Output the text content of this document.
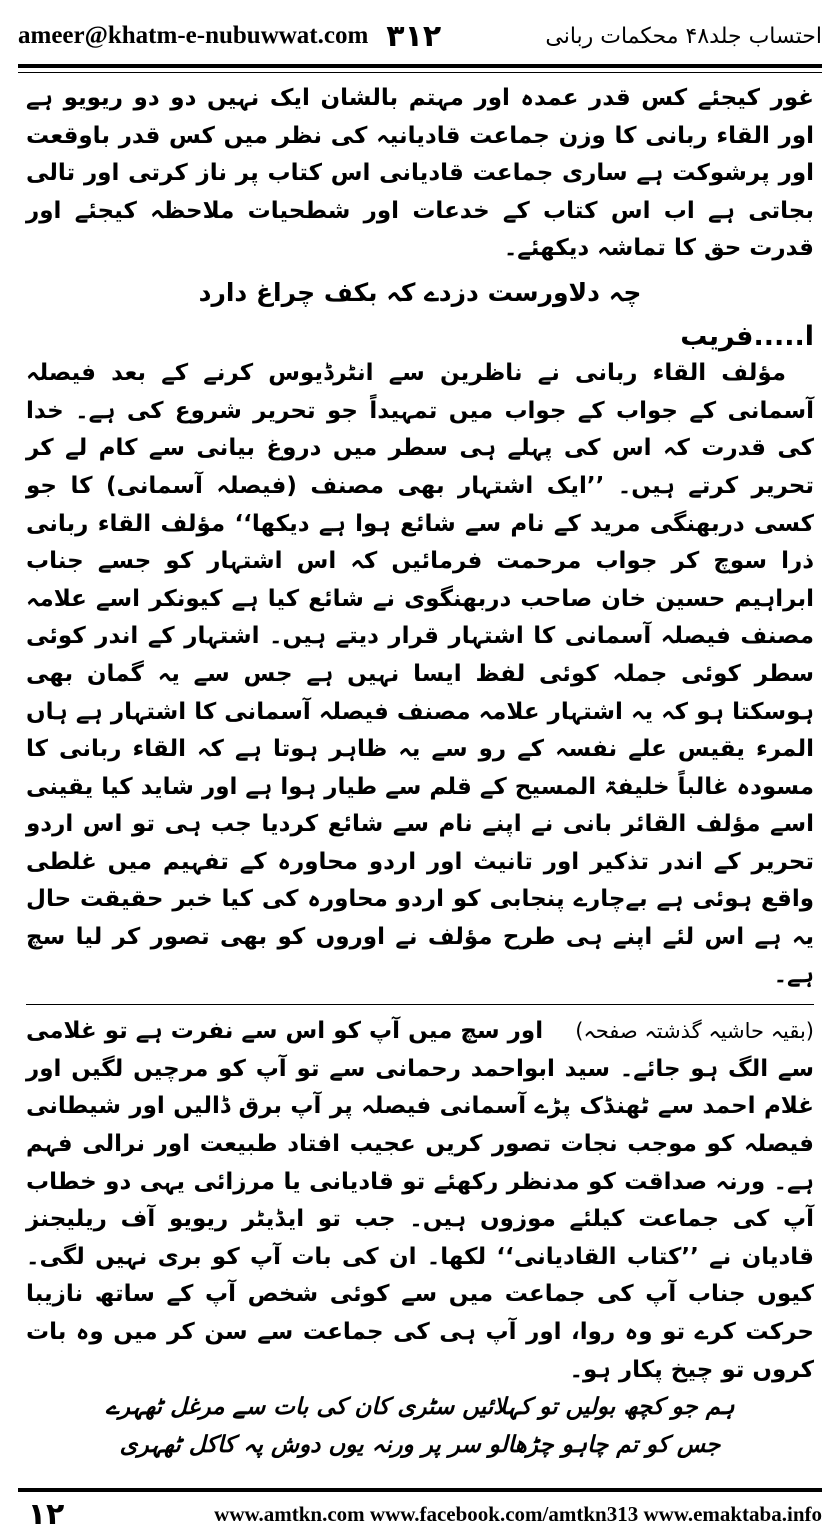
ameer@khatm-e-nubuwwat.com ۳۱۲	احتساب جلد۴۸ محکمات ربانی

غور کیجئے کس قدر عمدہ اور مہتم بالشان ایک نہیں دو دو ریویو ہے اور القاء ربانی کا وزن جماعت قادیانیہ کی نظر میں کس قدر باوقعت اور پرشوکت ہے ساری جماعت قادیانی اس کتاب پر ناز کرتی اور تالی بجاتی ہے اب اس کتاب کے خدعات اور شطحیات ملاحظہ کیجئے اور قدرت حق کا تماشہ دیکھئے۔

چہ دلاورست دزدے کہ بکف چراغ دارد

ا.....فریب

مؤلف القاء ربانی نے ناظرین سے انٹرڈیوس کرنے کے بعد فیصلہ آسمانی کے جواب کے جواب میں تمہیداً جو تحریر شروع کی ہے۔ خدا کی قدرت کہ اس کی پہلے ہی سطر میں دروغ بیانی سے کام لے کر تحریر کرتے ہیں۔ ’’ایک اشتہار بھی مصنف (فیصلہ آسمانی) کا جو کسی دربھنگی مرید کے نام سے شائع ہوا ہے دیکھا‘‘ مؤلف القاء ربانی ذرا سوچ کر جواب مرحمت فرمائیں کہ اس اشتہار کو جسے جناب ابراہیم حسین خان صاحب دربھنگوی نے شائع کیا ہے کیونکر اسے علامہ مصنف فیصلہ آسمانی کا اشتہار قرار دیتے ہیں۔ اشتہار کے اندر کوئی سطر کوئی جملہ کوئی لفظ ایسا نہیں ہے جس سے یہ گمان بھی ہوسکتا ہو کہ یہ اشتہار علامہ مصنف فیصلہ آسمانی کا اشتہار ہے ہاں المرء یقیس علے نفسہ کے رو سے یہ ظاہر ہوتا ہے کہ القاء ربانی کا مسودہ غالباً خلیفۃ المسیح کے قلم سے طیار ہوا ہے اور شاید کیا یقینی اسے مؤلف القائر بانی نے اپنے نام سے شائع کردیا جب ہی تو اس اردو تحریر کے اندر تذکیر اور تانیث اور اردو محاورہ کے تفہیم میں غلطی واقع ہوئی ہے بےچارے پنجابی کو اردو محاورہ کی کیا خبر حقیقت حال یہ ہے اس لئے اپنے ہی طرح مؤلف نے اوروں کو بھی تصور کر لیا سچ ہے۔

(بقیہ حاشیہ گذشتہ صفحہ)    اور سچ میں آپ کو اس سے نفرت ہے تو غلامی سے الگ ہو جائے۔ سید ابواحمد رحمانی سے تو آپ کو مرچیں لگیں اور غلام احمد سے ٹھنڈک پڑے آسمانی فیصلہ پر آپ برق ڈالیں اور شیطانی فیصلہ کو موجب نجات تصور کریں عجیب افتاد طبیعت اور نرالی فہم ہے۔ ورنہ صداقت کو مدنظر رکھئے تو قادیانی یا مرزائی یہی دو خطاب آپ کی جماعت کیلئے موزوں ہیں۔ جب تو ایڈیٹر ریویو آف ریلیجنز قادیان نے ’’کتاب القادیانی‘‘ لکھا۔ ان کی بات آپ کو بری نہیں لگی۔ کیوں جناب آپ کی جماعت میں سے کوئی شخص آپ کے ساتھ نازیبا حرکت کرے تو وہ روا، اور آپ ہی کی جماعت سے سن کر میں وہ بات کروں تو چیخ پکار ہو۔

ہم جو کچھ بولیں تو کہلائیں سٹری کان کی بات سے مرغل ٹھہرے

جس کو تم چاہو چڑھالو سر پر ورنہ یوں دوش پہ کاکل ٹھہری

۱۲	www.amtkn.com www.facebook.com/amtkn313 www.emaktaba.info
